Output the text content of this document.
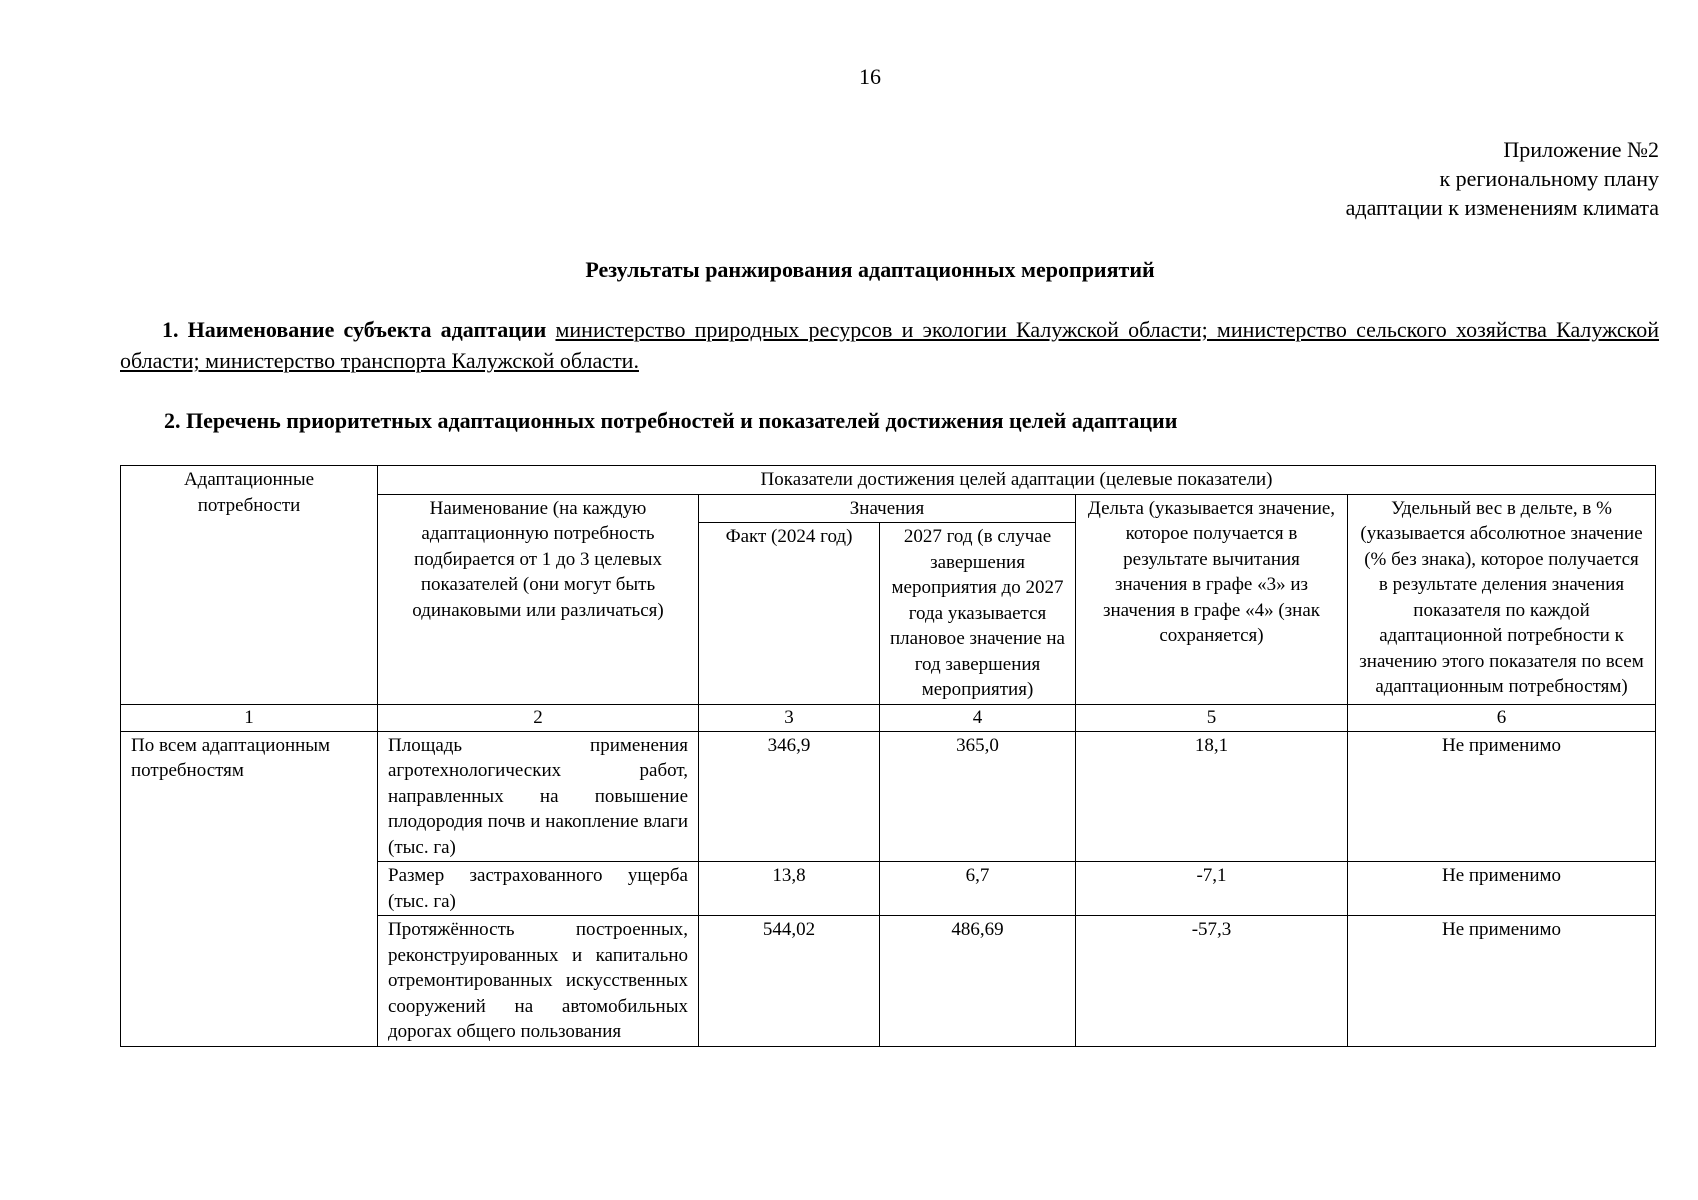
16
Приложение №2
к региональному плану
адаптации к изменениям климата
Результаты ранжирования адаптационных мероприятий
1. Наименование субъекта адаптации министерство природных ресурсов и экологии Калужской области; министерство сельского хозяйства Калужской области; министерство транспорта Калужской области.
2. Перечень приоритетных адаптационных потребностей и показателей достижения целей адаптации
Адаптационные потребности	Показатели достижения целей адаптации (целевые показатели)				
	Наименование (на каждую адаптационную потребность подбирается от 1 до 3 целевых показателей (они могут быть одинаковыми или различаться)	Значения		Дельта (указывается значение, которое получается в результате вычитания значения в графе «3» из значения в графе «4» (знак сохраняется)	Удельный вес в дельте, в % (указывается абсолютное значение (% без знака), которое получается в результате деления значения показателя по каждой адаптационной потребности к значению этого показателя по всем адаптационным потребностям)
		Факт (2024 год)	2027 год (в случае завершения мероприятия до 2027 года указывается плановое значение на год завершения мероприятия)		
1	2	3	4	5	6
По всем адаптационным потребностям	Площадь применения агротехнологических работ, направленных на повышение плодородия почв и накопление влаги (тыс. га)	346,9	365,0	18,1	Не применимо
	Размер застрахованного ущерба (тыс. га)	13,8	6,7	-7,1	Не применимо
	Протяжённость построенных, реконструированных и капитально отремонтированных искусственных сооружений на автомобильных дорогах общего пользования	544,02	486,69	-57,3	Не применимо
